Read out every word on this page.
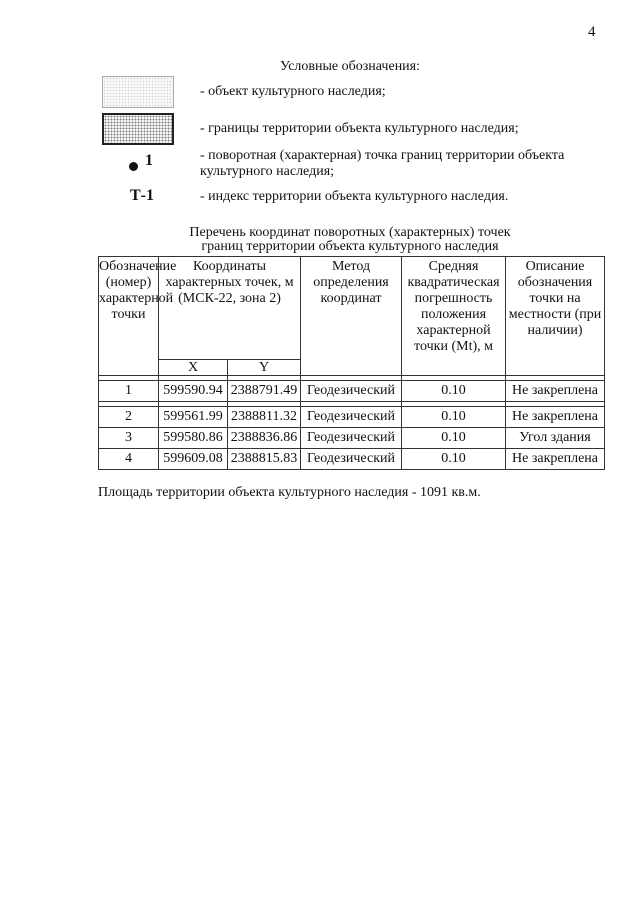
4
Условные обозначения:
- объект культурного наследия;
- границы территории объекта культурного наследия;
1	- поворотная (характерная) точка границ территории объекта культурного наследия;
Т-1	- индекс территории объекта культурного наследия.
Перечень координат поворотных (характерных) точек
границ территории объекта культурного наследия
Обозначение (номер) характерной точки	Координаты характерных точек, м (МСК-22, зона 2)		Метод определения координат	Средняя квадратическая погрешность положения характерной точки (Mt), м	Описание обозначения точки на местности (при наличии)
	X	Y			

1	599590.94	2388791.49	Геодезический	0.10	Не закреплена

2	599561.99	2388811.32	Геодезический	0.10	Не закреплена
3	599580.86	2388836.86	Геодезический	0.10	Угол здания
4	599609.08	2388815.83	Геодезический	0.10	Не закреплена
Площадь территории объекта культурного наследия - 1091 кв.м.
